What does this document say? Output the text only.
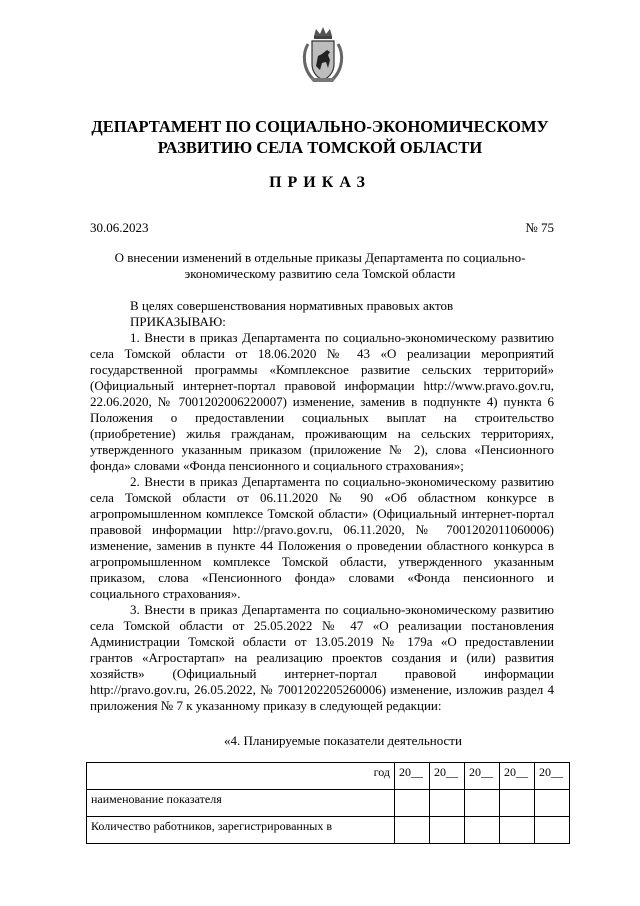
ДЕПАРТАМЕНТ ПО СОЦИАЛЬНО-ЭКОНОМИЧЕСКОМУ
РАЗВИТИЮ СЕЛА ТОМСКОЙ ОБЛАСТИ
ПРИКАЗ
30.06.2023	№ 75
О внесении изменений в отдельные приказы Департамента по социально-
экономическому развитию села Томской области

В целях совершенствования нормативных правовых актов

ПРИКАЗЫВАЮ:

1. Внести в приказ Департамента по социально-экономическому развитию села Томской области от 18.06.2020 № 43 «О реализации мероприятий государственной программы «Комплексное развитие сельских территорий» (Официальный интернет-портал правовой информации http://www.pravo.gov.ru, 22.06.2020, № 7001202006220007) изменение, заменив в подпункте 4) пункта 6 Положения о предоставлении социальных выплат на строительство (приобретение) жилья гражданам, проживающим на сельских территориях, утвержденного указанным приказом (приложение № 2), слова «Пенсионного фонда» словами «Фонда пенсионного и социального страхования»;

2. Внести в приказ Департамента по социально-экономическому развитию села Томской области от 06.11.2020 № 90 «Об областном конкурсе в агропромышленном комплексе Томской области» (Официальный интернет-портал правовой информации http://pravo.gov.ru, 06.11.2020, № 7001202011060006) изменение, заменив в пункте 44 Положения о проведении областного конкурса в агропромышленном комплексе Томской области, утвержденного указанным приказом, слова «Пенсионного фонда» словами «Фонда пенсионного и социального страхования».

3. Внести в приказ Департамента по социально-экономическому развитию села Томской области от 25.05.2022 № 47 «О реализации постановления Администрации Томской области от 13.05.2019 № 179а «О предоставлении грантов «Агростартап» на реализацию проектов создания и (или) развития хозяйств» (Официальный интернет-портал правовой информации http://pravo.gov.ru, 26.05.2022, № 7001202205260006) изменение, изложив раздел 4 приложения № 7 к указанному приказу в следующей редакции:

«4. Планируемые показатели деятельности
год	20__	20__	20__	20__	20__
наименование показателя					
Количество работников, зарегистрированных в					
